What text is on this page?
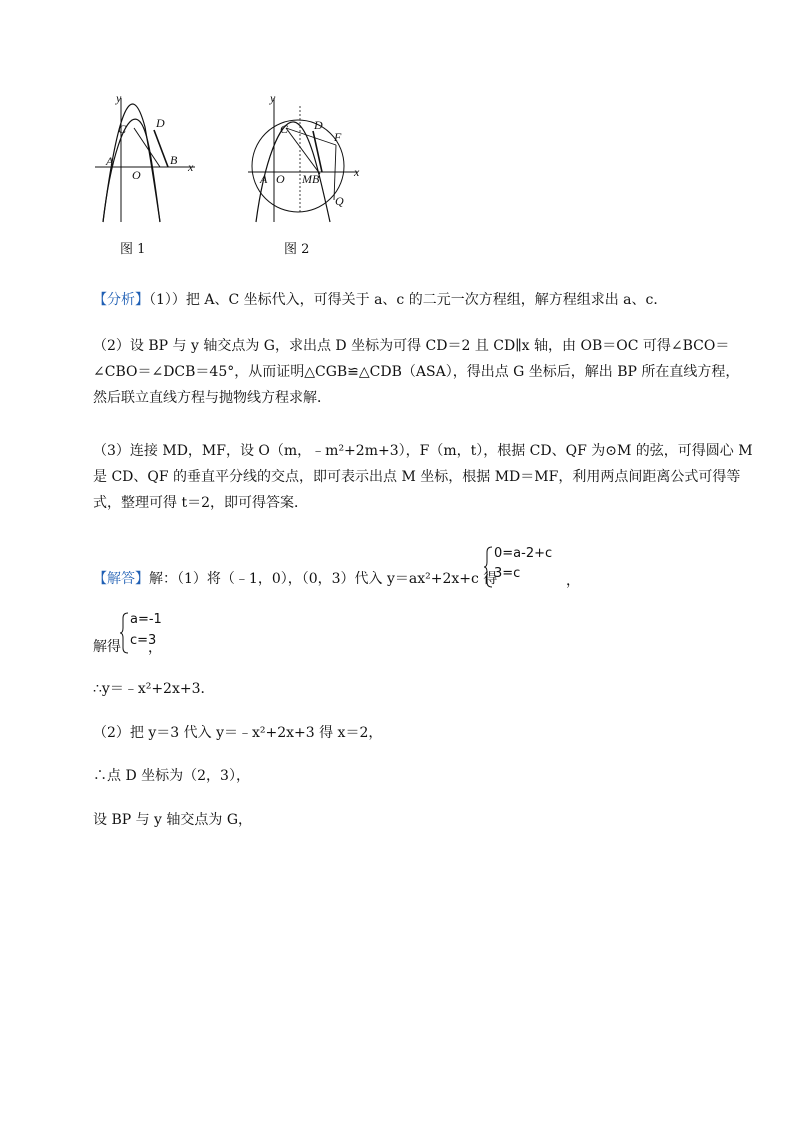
y
x
C D
A	B
O
图 1
y
x
C D
F
A O M B
Q
图 2
【分析】（1））把 A、C 坐标代入，可得关于 a、c 的二元一次方程组，解方程组求出 a、c．
（2）设 BP 与 y 轴交点为 G，求出点 D 坐标为可得 CD＝2 且 CD∥x 轴，由 OB＝OC 可得∠BCO＝
∠CBO＝∠DCB＝45°，从而证明△CGB≌△CDB（ASA），得出点 G 坐标后，解出 BP 所在直线方程，
然后联立直线方程与抛物线方程求解．
（3）连接 MD，MF，设 O（m，﹣m²+2m+3），F（m，t），根据 CD、QF 为⊙M 的弦，可得圆心 M
是 CD、QF 的垂直平分线的交点，即可表示出点 M 坐标，根据 MD＝MF，利用两点间距离公式可得等
式，整理可得 t＝2，即可得答案．
【解答】解：（1）将（﹣1，0），（0，3）代入 y＝ax²+2x+c 得
0=a-2+c
3=c	，
解得
a=-1
c=3
，
∴y＝﹣x²+2x+3．
（2）把 y＝3 代入 y＝﹣x²+2x+3 得 x＝2，
∴点 D 坐标为（2，3），
设 BP 与 y 轴交点为 G，
